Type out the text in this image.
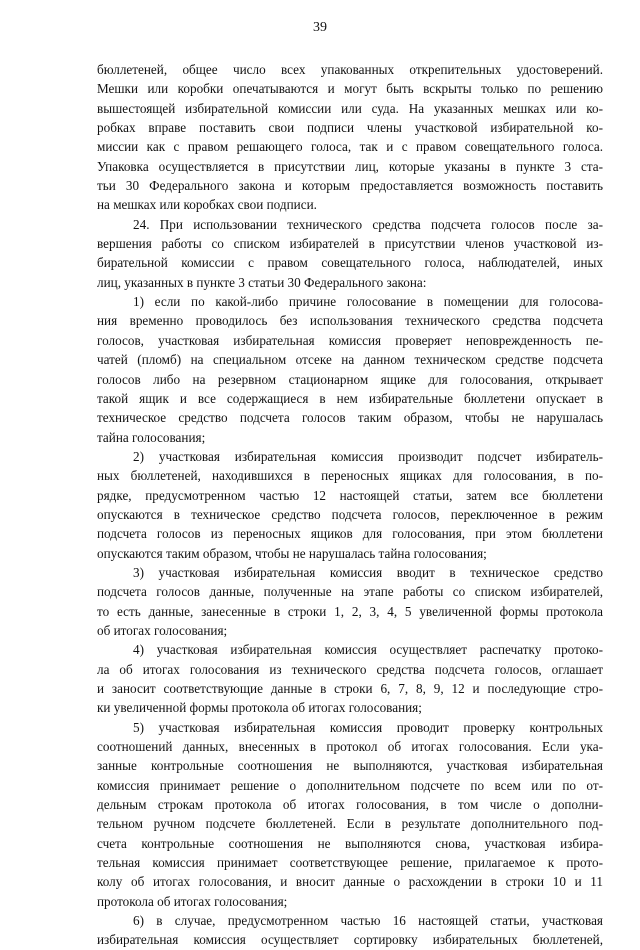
39
бюллетеней, общее число всех упакованных открепительных удостоверений.
Мешки или коробки опечатываются и могут быть вскрыты только по решению
вышестоящей избирательной комиссии или суда. На указанных мешках или ко-
робках вправе поставить свои подписи члены участковой избирательной ко-
миссии как с правом решающего голоса, так и с правом совещательного голоса.
Упаковка осуществляется в присутствии лиц, которые указаны в пункте 3 ста-
тьи 30 Федерального закона и которым предоставляется возможность поставить
на мешках или коробках свои подписи.
24. При использовании технического средства подсчета голосов после за-
вершения работы со списком избирателей в присутствии членов участковой из-
бирательной комиссии с правом совещательного голоса, наблюдателей, иных
лиц, указанных в пункте 3 статьи 30 Федерального закона:
1) если по какой-либо причине голосование в помещении для голосова-
ния временно проводилось без использования технического средства подсчета
голосов, участковая избирательная комиссия проверяет неповрежденность пе-
чатей (пломб) на специальном отсеке на данном техническом средстве подсчета
голосов либо на резервном стационарном ящике для голосования, открывает
такой ящик и все содержащиеся в нем избирательные бюллетени опускает в
техническое средство подсчета голосов таким образом, чтобы не нарушалась
тайна голосования;
2) участковая избирательная комиссия производит подсчет избиратель-
ных бюллетеней, находившихся в переносных ящиках для голосования, в по-
рядке, предусмотренном частью 12 настоящей статьи, затем все бюллетени
опускаются в техническое средство подсчета голосов, переключенное в режим
подсчета голосов из переносных ящиков для голосования, при этом бюллетени
опускаются таким образом, чтобы не нарушалась тайна голосования;
3) участковая избирательная комиссия вводит в техническое средство
подсчета голосов данные, полученные на этапе работы со списком избирателей,
то есть данные, занесенные в строки 1, 2, 3, 4, 5 увеличенной формы протокола
об итогах голосования;
4) участковая избирательная комиссия осуществляет распечатку протоко-
ла об итогах голосования из технического средства подсчета голосов, оглашает
и заносит соответствующие данные в строки 6, 7, 8, 9, 12 и последующие стро-
ки увеличенной формы протокола об итогах голосования;
5) участковая избирательная комиссия проводит проверку контрольных
соотношений данных, внесенных в протокол об итогах голосования. Если ука-
занные контрольные соотношения не выполняются, участковая избирательная
комиссия принимает решение о дополнительном подсчете по всем или по от-
дельным строкам протокола об итогах голосования, в том числе о дополни-
тельном ручном подсчете бюллетеней. Если в результате дополнительного под-
счета контрольные соотношения не выполняются снова, участковая избира-
тельная комиссия принимает соответствующее решение, прилагаемое к прото-
колу об итогах голосования, и вносит данные о расхождении в строки 10 и 11
протокола об итогах голосования;
6) в случае, предусмотренном частью 16 настоящей статьи, участковая
избирательная комиссия осуществляет сортировку избирательных бюллетеней,
